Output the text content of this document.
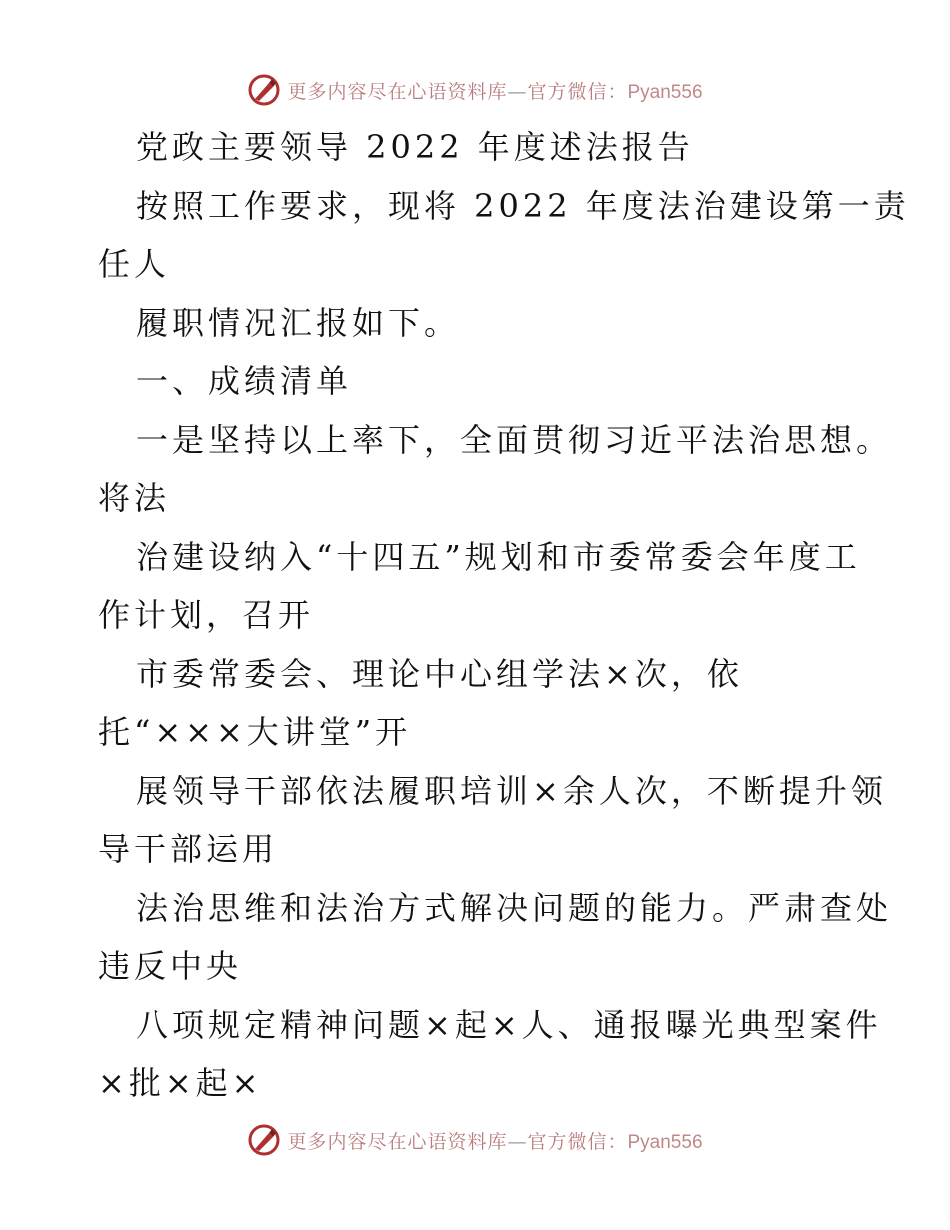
更多内容尽在心语资料库—官方微信：Pyan556
党政主要领导 2022 年度述法报告
按照工作要求，现将 2022 年度法治建设第一责
任人
履职情况汇报如下。
一、成绩清单
一是坚持以上率下，全面贯彻习近平法治思想。
将法
治建设纳入“十四五”规划和市委常委会年度工
作计划，召开
市委常委会、理论中心组学法×次，依
托“×××大讲堂”开
展领导干部依法履职培训×余人次，不断提升领
导干部运用
法治思维和法治方式解决问题的能力。严肃查处
违反中央
八项规定精神问题×起×人、通报曝光典型案件
×批×起×
更多内容尽在心语资料库—官方微信：Pyan556
